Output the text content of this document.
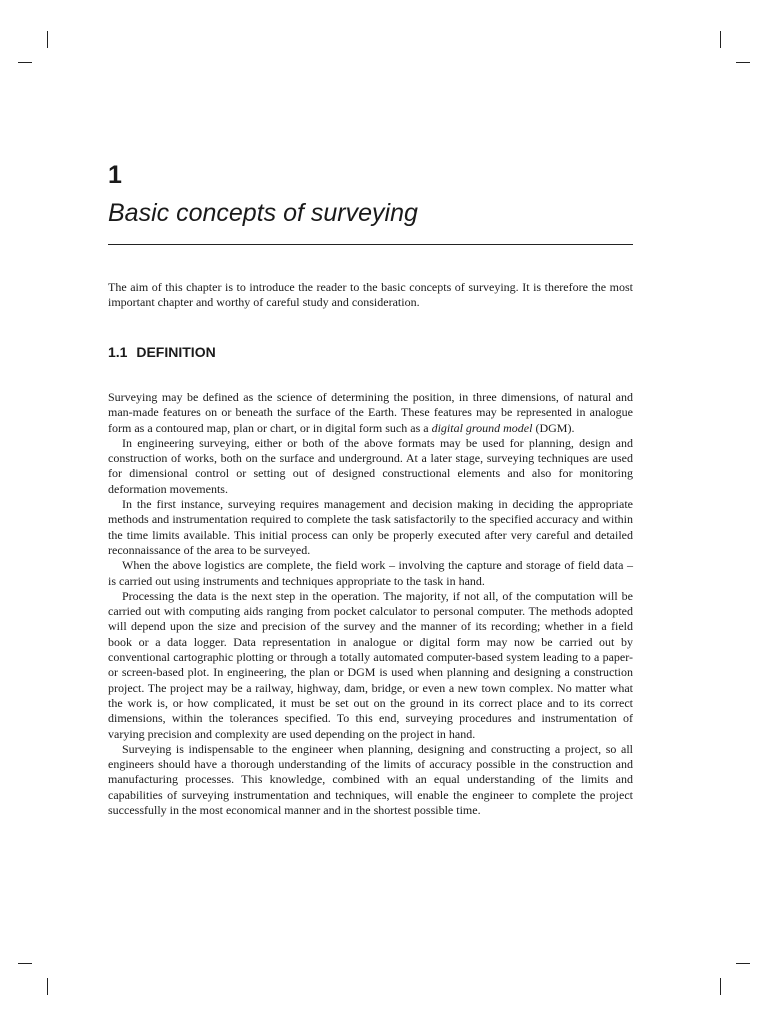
1
Basic concepts of surveying

The aim of this chapter is to introduce the reader to the basic concepts of surveying. It is therefore the most important chapter and worthy of careful study and consideration.

1.1 DEFINITION

Surveying may be defined as the science of determining the position, in three dimensions, of natural and man-made features on or beneath the surface of the Earth. These features may be represented in analogue form as a contoured map, plan or chart, or in digital form such as a digital ground model (DGM).

In engineering surveying, either or both of the above formats may be used for planning, design and construction of works, both on the surface and underground. At a later stage, surveying techniques are used for dimensional control or setting out of designed constructional elements and also for monitoring deformation movements.

In the first instance, surveying requires management and decision making in deciding the appropriate methods and instrumentation required to complete the task satisfactorily to the specified accuracy and within the time limits available. This initial process can only be properly executed after very careful and detailed reconnaissance of the area to be surveyed.

When the above logistics are complete, the field work – involving the capture and storage of field data – is carried out using instruments and techniques appropriate to the task in hand.

Processing the data is the next step in the operation. The majority, if not all, of the computation will be carried out with computing aids ranging from pocket calculator to personal computer. The methods adopted will depend upon the size and precision of the survey and the manner of its recording; whether in a field book or a data logger. Data representation in analogue or digital form may now be carried out by conventional cartographic plotting or through a totally automated computer-based system leading to a paper- or screen-based plot. In engineering, the plan or DGM is used when planning and designing a construction project. The project may be a railway, highway, dam, bridge, or even a new town complex. No matter what the work is, or how complicated, it must be set out on the ground in its correct place and to its correct dimensions, within the tolerances specified. To this end, surveying procedures and instrumentation of varying precision and complexity are used depending on the project in hand.

Surveying is indispensable to the engineer when planning, designing and constructing a project, so all engineers should have a thorough understanding of the limits of accuracy possible in the construction and manufacturing processes. This knowledge, combined with an equal understanding of the limits and capabilities of surveying instrumentation and techniques, will enable the engineer to complete the project successfully in the most economical manner and in the shortest possible time.
